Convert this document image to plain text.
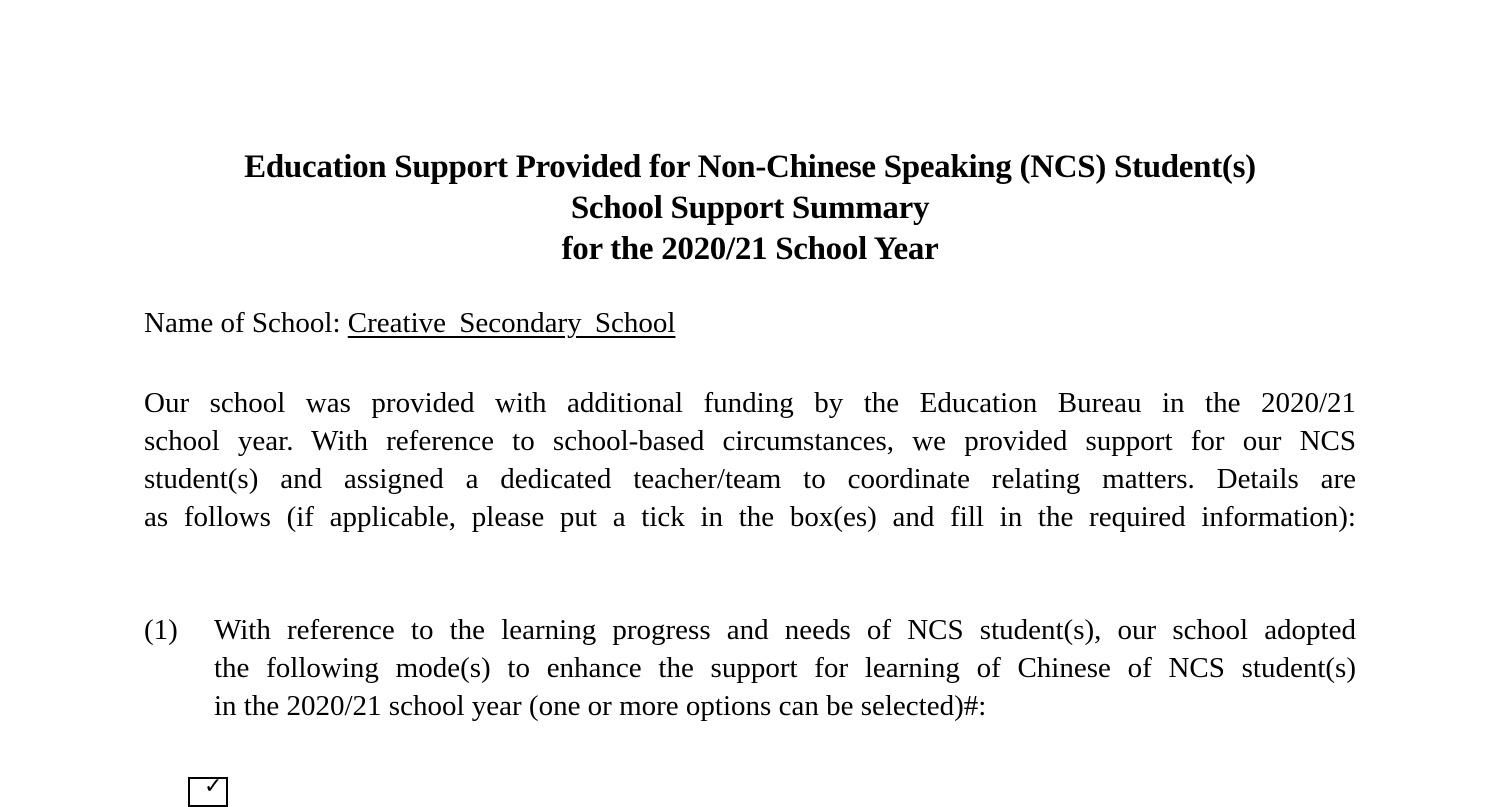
Education Support Provided for Non-Chinese Speaking (NCS) Student(s)
School Support Summary
for the 2020/21 School Year
Name of School: Creative Secondary School
Our school was provided with additional funding by the Education Bureau in the 2020/21
school year. With reference to school-based circumstances, we provided support for our NCS
student(s) and assigned a dedicated teacher/team to coordinate relating matters. Details are
as follows (if applicable, please put a tick in the box(es) and fill in the required information):
(1) With reference to the learning progress and needs of NCS student(s), our school adopted
the following mode(s) to enhance the support for learning of Chinese of NCS student(s)
in the 2020/21 school year (one or more options can be selected)#:
✓
